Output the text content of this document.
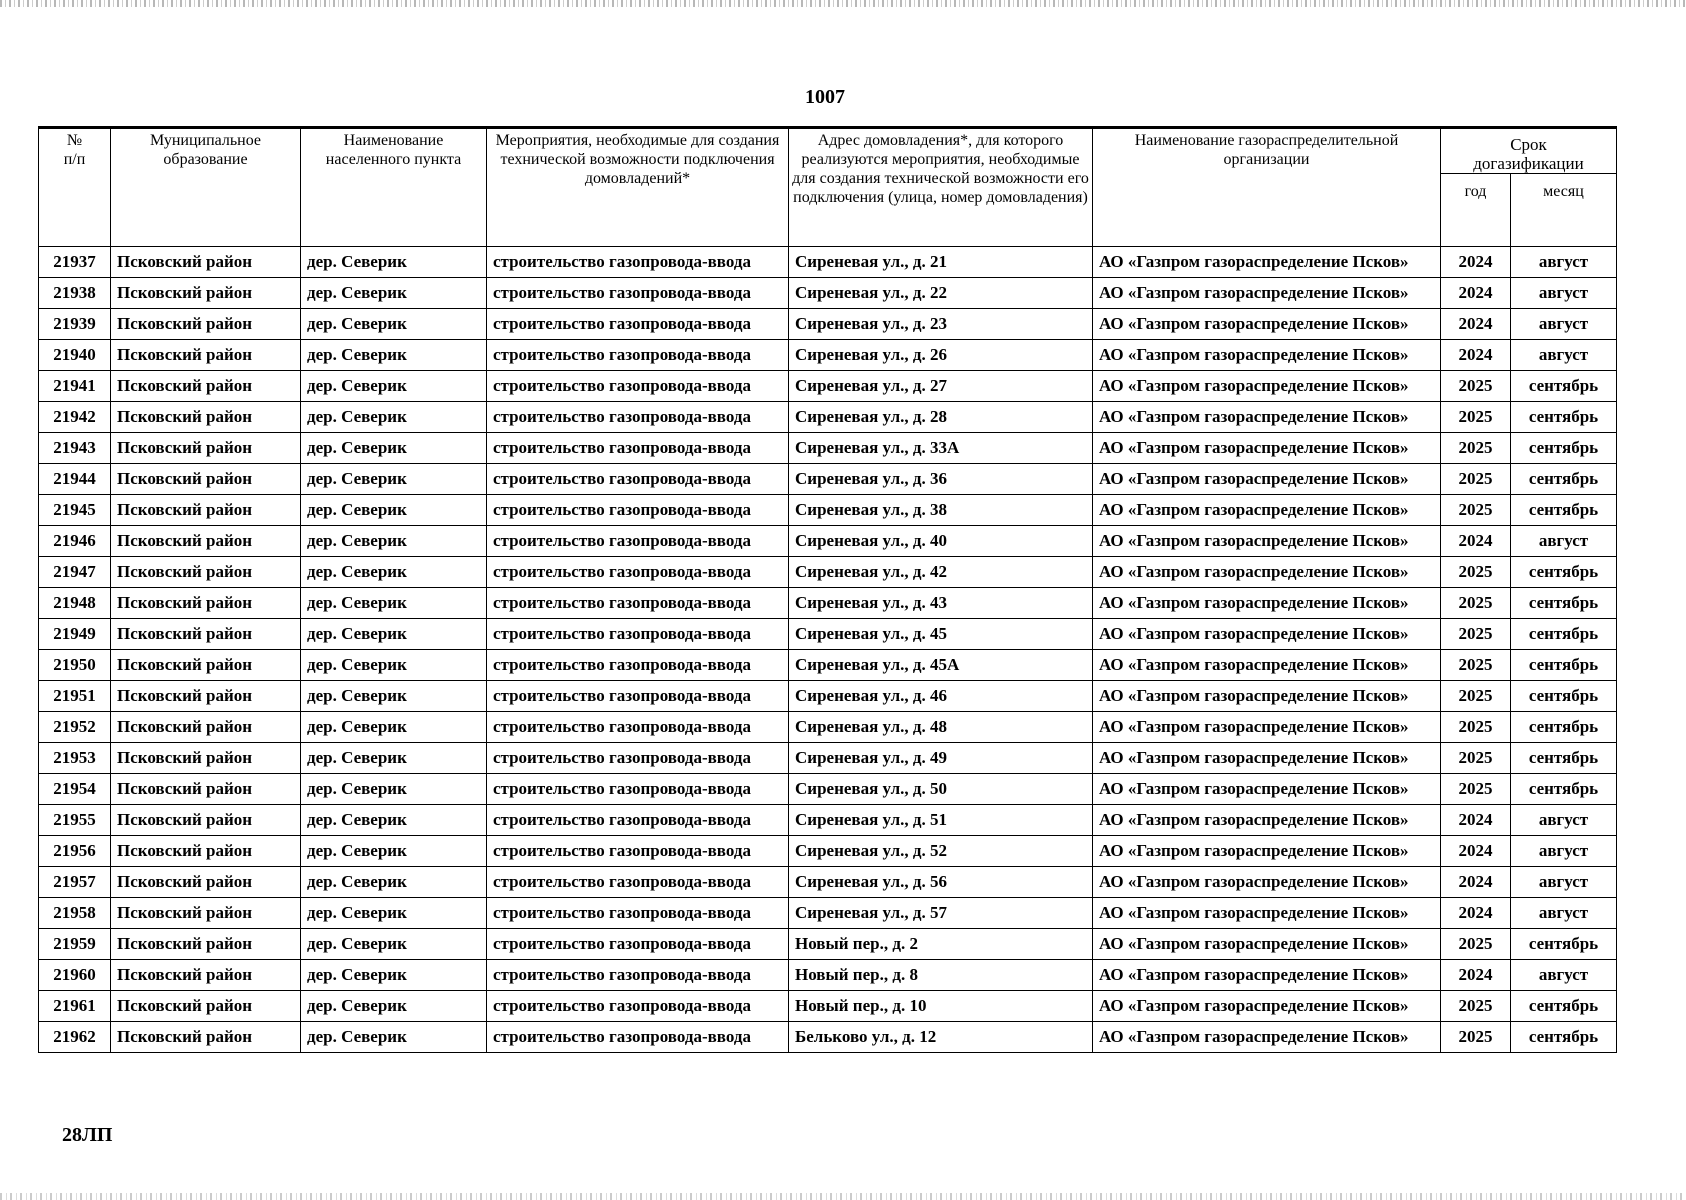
1007
№
п/п	Муниципальное образование	Наименование населенного пункта	Мероприятия, необходимые для создания технической возможности подключения домовладений*	Адрес домовладения*, для которого реализуются мероприятия, необходимые для создания технической возможности его подключения (улица, номер домовладения)	Наименование газораспределительной организации	Срок догазификации	
						год	месяц
21937	Псковский район	дер. Северик	строительство газопровода-ввода	Сиреневая ул., д. 21	АО «Газпром газораспределение Псков»	2024	август
21938	Псковский район	дер. Северик	строительство газопровода-ввода	Сиреневая ул., д. 22	АО «Газпром газораспределение Псков»	2024	август
21939	Псковский район	дер. Северик	строительство газопровода-ввода	Сиреневая ул., д. 23	АО «Газпром газораспределение Псков»	2024	август
21940	Псковский район	дер. Северик	строительство газопровода-ввода	Сиреневая ул., д. 26	АО «Газпром газораспределение Псков»	2024	август
21941	Псковский район	дер. Северик	строительство газопровода-ввода	Сиреневая ул., д. 27	АО «Газпром газораспределение Псков»	2025	сентябрь
21942	Псковский район	дер. Северик	строительство газопровода-ввода	Сиреневая ул., д. 28	АО «Газпром газораспределение Псков»	2025	сентябрь
21943	Псковский район	дер. Северик	строительство газопровода-ввода	Сиреневая ул., д. 33А	АО «Газпром газораспределение Псков»	2025	сентябрь
21944	Псковский район	дер. Северик	строительство газопровода-ввода	Сиреневая ул., д. 36	АО «Газпром газораспределение Псков»	2025	сентябрь
21945	Псковский район	дер. Северик	строительство газопровода-ввода	Сиреневая ул., д. 38	АО «Газпром газораспределение Псков»	2025	сентябрь
21946	Псковский район	дер. Северик	строительство газопровода-ввода	Сиреневая ул., д. 40	АО «Газпром газораспределение Псков»	2024	август
21947	Псковский район	дер. Северик	строительство газопровода-ввода	Сиреневая ул., д. 42	АО «Газпром газораспределение Псков»	2025	сентябрь
21948	Псковский район	дер. Северик	строительство газопровода-ввода	Сиреневая ул., д. 43	АО «Газпром газораспределение Псков»	2025	сентябрь
21949	Псковский район	дер. Северик	строительство газопровода-ввода	Сиреневая ул., д. 45	АО «Газпром газораспределение Псков»	2025	сентябрь
21950	Псковский район	дер. Северик	строительство газопровода-ввода	Сиреневая ул., д. 45А	АО «Газпром газораспределение Псков»	2025	сентябрь
21951	Псковский район	дер. Северик	строительство газопровода-ввода	Сиреневая ул., д. 46	АО «Газпром газораспределение Псков»	2025	сентябрь
21952	Псковский район	дер. Северик	строительство газопровода-ввода	Сиреневая ул., д. 48	АО «Газпром газораспределение Псков»	2025	сентябрь
21953	Псковский район	дер. Северик	строительство газопровода-ввода	Сиреневая ул., д. 49	АО «Газпром газораспределение Псков»	2025	сентябрь
21954	Псковский район	дер. Северик	строительство газопровода-ввода	Сиреневая ул., д. 50	АО «Газпром газораспределение Псков»	2025	сентябрь
21955	Псковский район	дер. Северик	строительство газопровода-ввода	Сиреневая ул., д. 51	АО «Газпром газораспределение Псков»	2024	август
21956	Псковский район	дер. Северик	строительство газопровода-ввода	Сиреневая ул., д. 52	АО «Газпром газораспределение Псков»	2024	август
21957	Псковский район	дер. Северик	строительство газопровода-ввода	Сиреневая ул., д. 56	АО «Газпром газораспределение Псков»	2024	август
21958	Псковский район	дер. Северик	строительство газопровода-ввода	Сиреневая ул., д. 57	АО «Газпром газораспределение Псков»	2024	август
21959	Псковский район	дер. Северик	строительство газопровода-ввода	Новый пер., д. 2	АО «Газпром газораспределение Псков»	2025	сентябрь
21960	Псковский район	дер. Северик	строительство газопровода-ввода	Новый пер., д. 8	АО «Газпром газораспределение Псков»	2024	август
21961	Псковский район	дер. Северик	строительство газопровода-ввода	Новый пер., д. 10	АО «Газпром газораспределение Псков»	2025	сентябрь
21962	Псковский район	дер. Северик	строительство газопровода-ввода	Бельково ул., д. 12	АО «Газпром газораспределение Псков»	2025	сентябрь
28ЛП
